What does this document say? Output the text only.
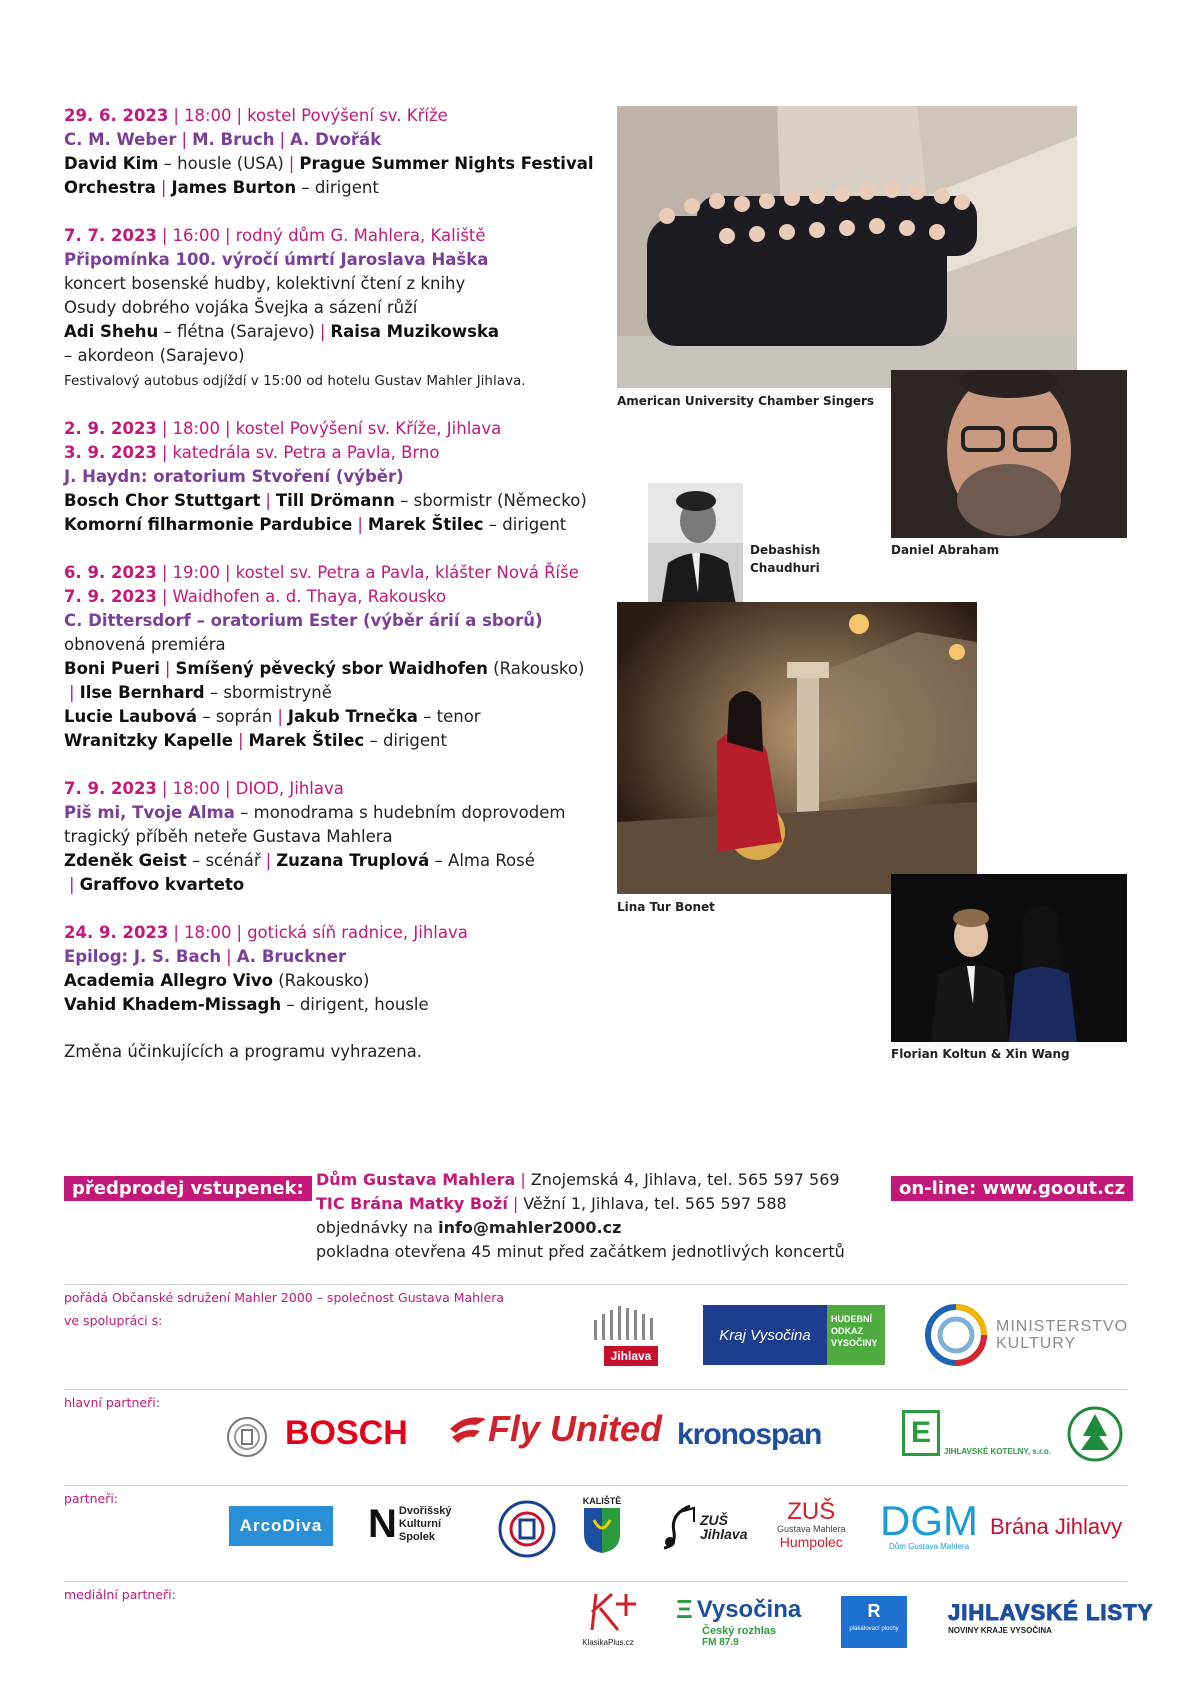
29. 6. 2023 | 18:00 | kostel Povýšení sv. Kříže
C. M. Weber | M. Bruch | A. Dvořák
David Kim – housle (USA) | Prague Summer Nights Festival
Orchestra | James Burton – dirigent
7. 7. 2023 | 16:00 | rodný dům G. Mahlera, Kaliště
Připomínka 100. výročí úmrtí Jaroslava Haška
koncert bosenské hudby, kolektivní čtení z knihy
Osudy dobrého vojáka Švejka a sázení růží
Adi Shehu – flétna (Sarajevo) | Raisa Muzikowska
– akordeon (Sarajevo)
Festivalový autobus odjíždí v 15:00 od hotelu Gustav Mahler Jihlava.
2. 9. 2023 | 18:00 | kostel Povýšení sv. Kříže, Jihlava
3. 9. 2023 | katedrála sv. Petra a Pavla, Brno
J. Haydn: oratorium Stvoření (výběr)
Bosch Chor Stuttgart | Till Drömann – sbormistr (Německo)
Komorní filharmonie Pardubice | Marek Štilec – dirigent
6. 9. 2023 | 19:00 | kostel sv. Petra a Pavla, klášter Nová Říše
7. 9. 2023 | Waidhofen a. d. Thaya, Rakousko
C. Dittersdorf – oratorium Ester (výběr árií a sborů)
obnovená premiéra
Boni Pueri | Smíšený pěvecký sbor Waidhofen (Rakousko)
| Ilse Bernhard – sbormistryně
Lucie Laubová – soprán | Jakub Trnečka – tenor
Wranitzky Kapelle | Marek Štilec – dirigent
7. 9. 2023 | 18:00 | DIOD, Jihlava
Piš mi, Tvoje Alma – monodrama s hudebním doprovodem
tragický příběh neteře Gustava Mahlera
Zdeněk Geist – scénář | Zuzana Truplová – Alma Rosé
| Graffovo kvarteto
24. 9. 2023 | 18:00 | gotická síň radnice, Jihlava
Epilog: J. S. Bach | A. Bruckner
Academia Allegro Vivo (Rakousko)
Vahid Khadem-Missagh – dirigent, housle
Změna účinkujících a programu vyhrazena.
American University Chamber Singers
Daniel Abraham
Debashish
Chaudhuri
Lina Tur Bonet
Florian Koltun & Xin Wang
předprodej vstupenek:	on-line: www.goout.cz
Dům Gustava Mahlera | Znojemská 4, Jihlava, tel. 565 597 569
TIC Brána Matky Boží | Věžní 1, Jihlava, tel. 565 597 588
objednávky na info@mahler2000.cz
pokladna otevřena 45 minut před začátkem jednotlivých koncertů
pořádá Občanské sdružení Mahler 2000 – společnost Gustava Mahlera
ve spolupráci s:
hlavní partneři:
partneři:
mediální partneři:
Jihlava
Kraj Vysočina
HUDEBNÍ
ODKAZ
VYSOČINY
MINISTERSTVO
KULTURY
BOSCH Fly United kronospan	E
JIHLAVSKÉ KOTELNY, s.r.o.
ArcoDiva N Dvořišský
Kulturní
Spolek
KALIŠTĚ
ZUŠ
Jihlava
ZUŠ
Gustava Mahlera
Humpolec DGM
Dům Gustava Mahlera
Brána Jihlavy
KlasikaPlus.cz
Ξ Vysočina
Český rozhlas
FM 87.9
R
plakátovací plochy
JIHLAVSKÉ LISTY
NOVINY KRAJE VYSOČINA
